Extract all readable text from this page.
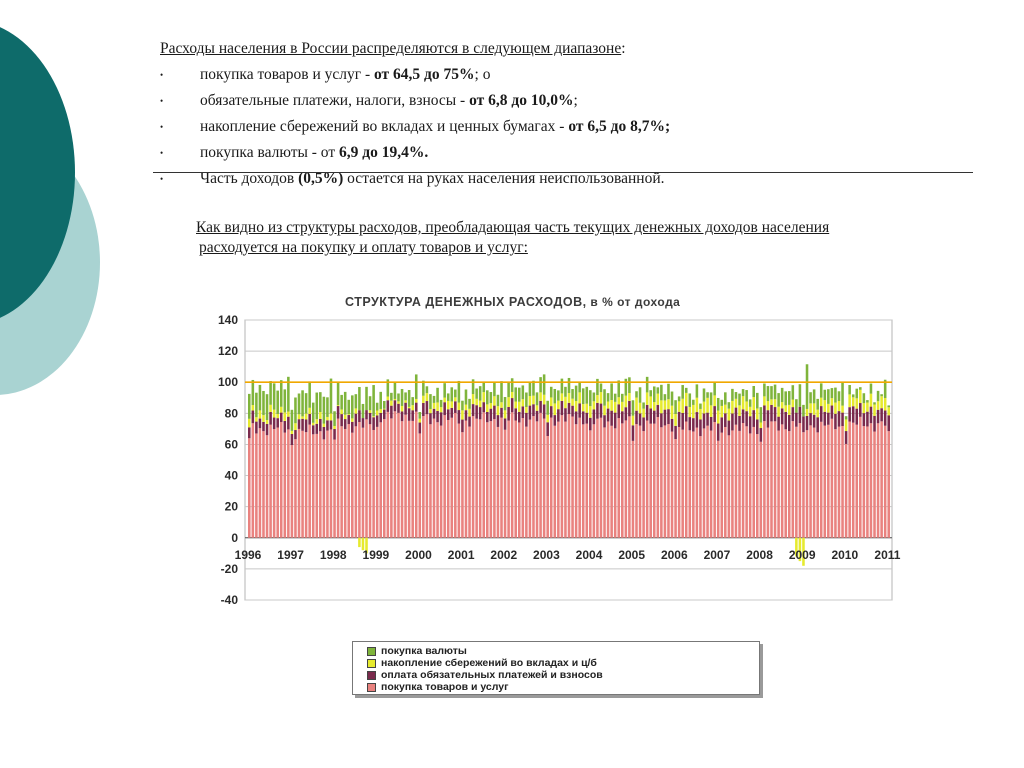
Расходы населения в России распределяются в следующем диапазоне:
• покупка товаров и услуг - от 64,5 до 75%; о
• обязательные платежи, налоги, взносы - от 6,8 до 10,0%;
• накопление сбережений во вкладах и ценных бумагах - от 6,5 до 8,7%;
• покупка валюты - от 6,9 до 19,4%.
• Часть доходов (0,5%) остается на руках населения неиспользованной.
Как видно из структуры расходов, преобладающая часть текущих денежных доходов населения
расходуется на покупку и оплату товаров и услуг:
СТРУКТУРА ДЕНЕЖНЫХ РАСХОДОВ, в % от дохода
140
120
100
80
60
40
20
0
-20
-40
1996 1997 1998 1999 2000 2001 2002 2003 2004 2005 2006 2007 2008 2009 2010 2011
покупка валюты
накопление сбережений во вкладах и ц/б
оплата обязательных платежей и взносов
покупка товаров и услуг
